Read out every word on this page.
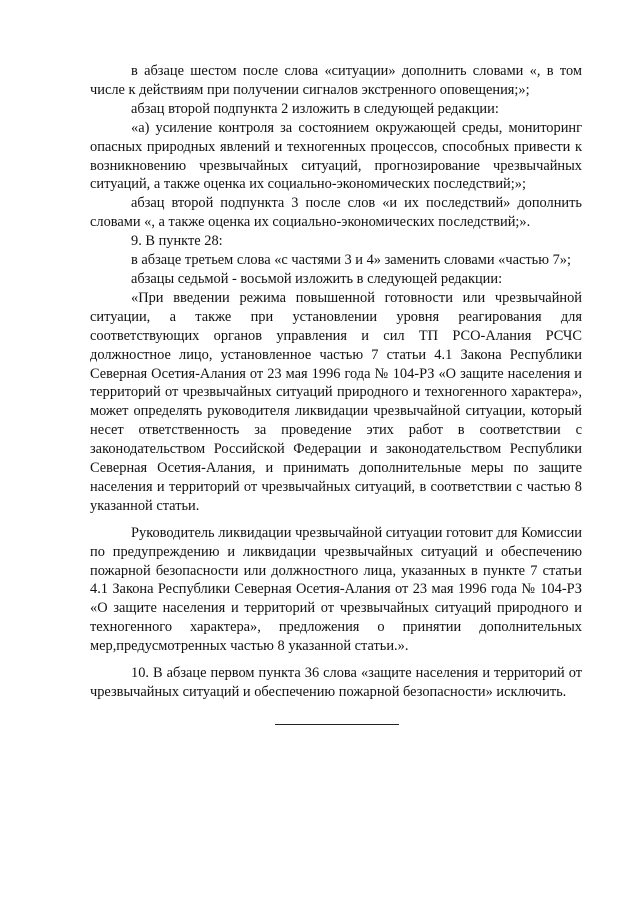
в абзаце шестом после слова «ситуации» дополнить словами «, в том числе к действиям при получении сигналов экстренного оповещения;»;

абзац второй подпункта 2 изложить в следующей редакции:

«а) усиление контроля за состоянием окружающей среды, мониторинг опасных природных явлений и техногенных процессов, способных привести к возникновению чрезвычайных ситуаций, прогнозирование чрезвычайных ситуаций, а также оценка их социально-экономических последствий;»;

абзац второй подпункта 3 после слов «и их последствий» дополнить словами «, а также оценка их социально-экономических последствий;».

9. В пункте 28:

в абзаце третьем слова «с частями 3 и 4» заменить словами «частью 7»;

абзацы седьмой - восьмой изложить в следующей редакции:

«При введении режима повышенной готовности или чрезвычайной ситуации, а также при установлении уровня реагирования для соответствующих органов управления и сил ТП РСО-Алания РСЧС должностное лицо, установленное частью 7 статьи 4.1 Закона Республики Северная Осетия-Алания от 23 мая 1996 года № 104-РЗ «О защите населения и территорий от чрезвычайных ситуаций природного и техногенного характера», может определять руководителя ликвидации чрезвычайной ситуации, который несет ответственность за проведение этих работ в соответствии с законодательством Российской Федерации и законодательством Республики Северная Осетия-Алания, и принимать дополнительные меры по защите населения и территорий от чрезвычайных ситуаций, в соответствии с частью 8 указанной статьи.

Руководитель ликвидации чрезвычайной ситуации готовит для Комиссии по предупреждению и ликвидации чрезвычайных ситуаций и обеспечению пожарной безопасности или должностного лица, указанных в пункте 7 статьи 4.1 Закона Республики Северная Осетия-Алания от 23 мая 1996 года № 104-РЗ «О защите населения и территорий от чрезвычайных ситуаций природного и техногенного характера», предложения о принятии дополнительных мер,предусмотренных частью 8 указанной статьи.».

10. В абзаце первом пункта 36 слова «защите населения и территорий от чрезвычайных ситуаций и обеспечению пожарной безопасности» исключить.
